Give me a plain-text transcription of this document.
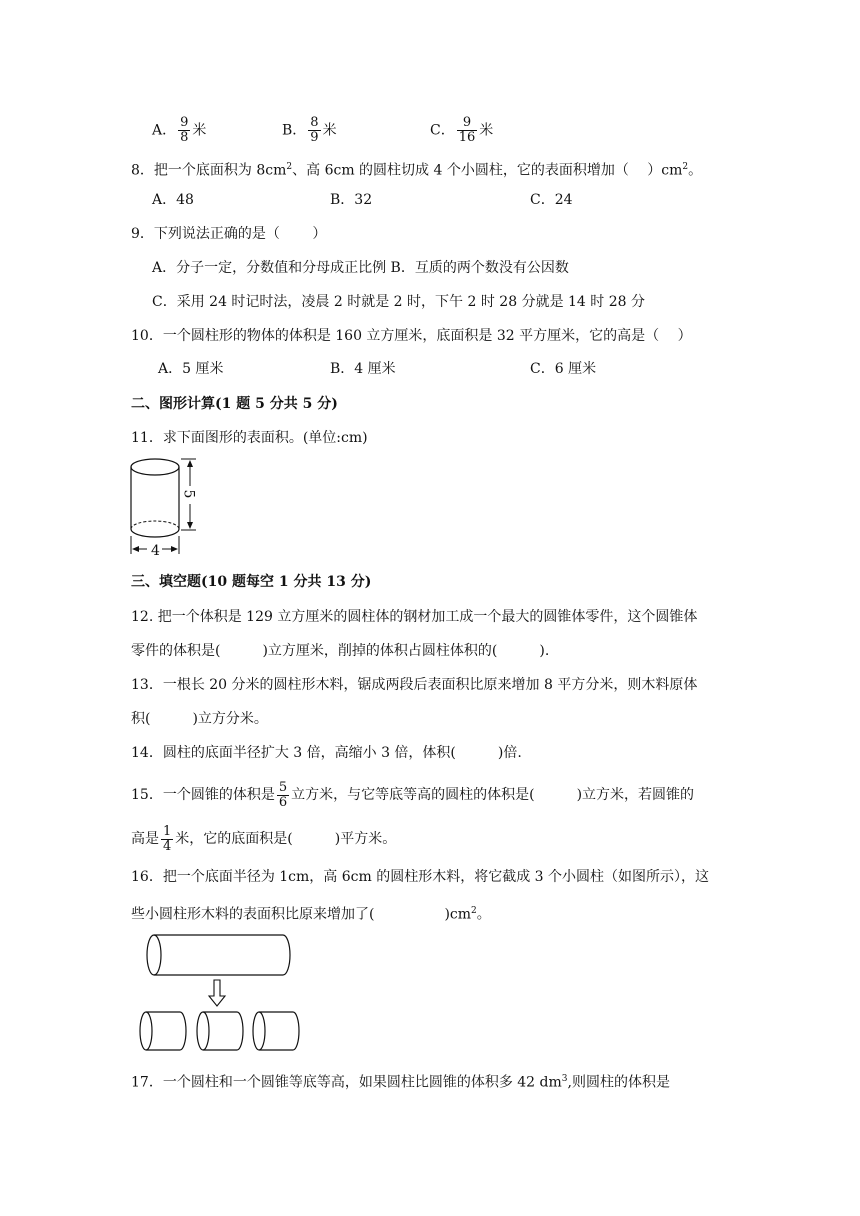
A． $\frac{9}{8}$ 米	B． $\frac{8}{9}$ 米	C． $\frac{9}{16}$ 米
8．把一个底面积为 $8cm^2$、高 6cm 的圆柱切成 4 个小圆柱，它的表面积增加（　 ）$cm^2$。
A．48	B．32	C．24
9．下列说法正确的是（　　 ）
A．分子一定，分数值和分母成正比例 B．互质的两个数没有公因数
C．采用 24 时记时法，凌晨 2 时就是 2 时，下午 2 时 28 分就是 14 时 28 分
10．一个圆柱形的物体的体积是 160 立方厘米，底面积是 32 平方厘米，它的高是（　 ）
A．5 厘米	B．4 厘米	C．6 厘米
二、图形计算(1 题 5 分共 5 分)
11．求下面图形的表面积。(单位:cm)
5
4
三、填空题(10 题每空 1 分共 13 分)
12. 把一个体积是 129 立方厘米的圆柱体的钢材加工成一个最大的圆锥体零件，这个圆锥体
零件的体积是(　　　)立方厘米，削掉的体积占圆柱体积的(　　　).
13．一根长 20 分米的圆柱形木料，锯成两段后表面积比原来增加 8 平方分米，则木料原体
积(　　　)立方分米。
14．圆柱的底面半径扩大 3 倍，高缩小 3 倍，体积(　　　)倍.
15．一个圆锥的体积是 $\frac{5}{6}$ 立方米，与它等底等高的圆柱的体积是(　　　)立方米，若圆锥的
高是 $\frac{1}{4}$ 米，它的底面积是(　　　)平方米。
16．把一个底面半径为 1cm，高 6cm 的圆柱形木料，将它截成 3 个小圆柱（如图所示），这
些小圆柱形木料的表面积比原来增加了(　　　　　)$cm^2$。
17．一个圆柱和一个圆锥等底等高，如果圆柱比圆锥的体积多 42 $dm^3$,则圆柱的体积是
